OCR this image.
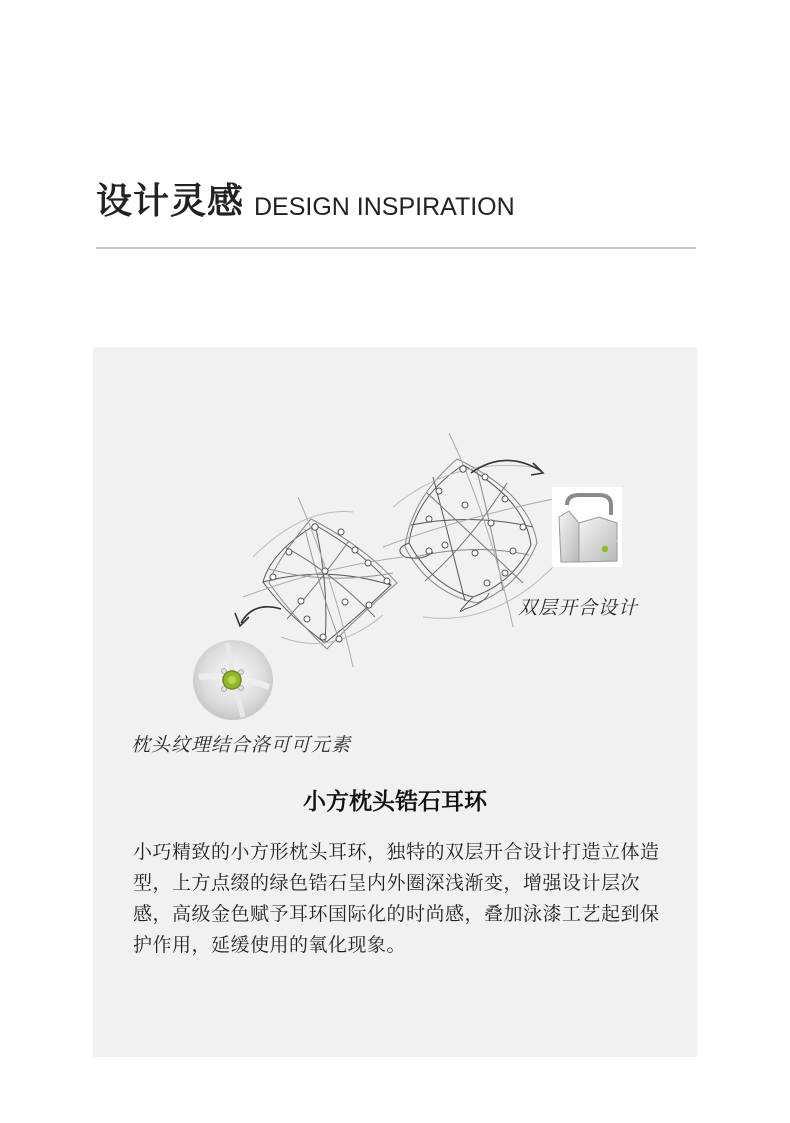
设计灵感 DESIGN INSPIRATION
双层开合设计
枕头纹理结合洛可可元素
小方枕头锆石耳环

小巧精致的小方形枕头耳环，独特的双层开合设计打造立体造型，上方点缀的绿色锆石呈内外圈深浅渐变，增强设计层次感，高级金色赋予耳环国际化的时尚感，叠加泳漆工艺起到保护作用，延缓使用的氧化现象。
